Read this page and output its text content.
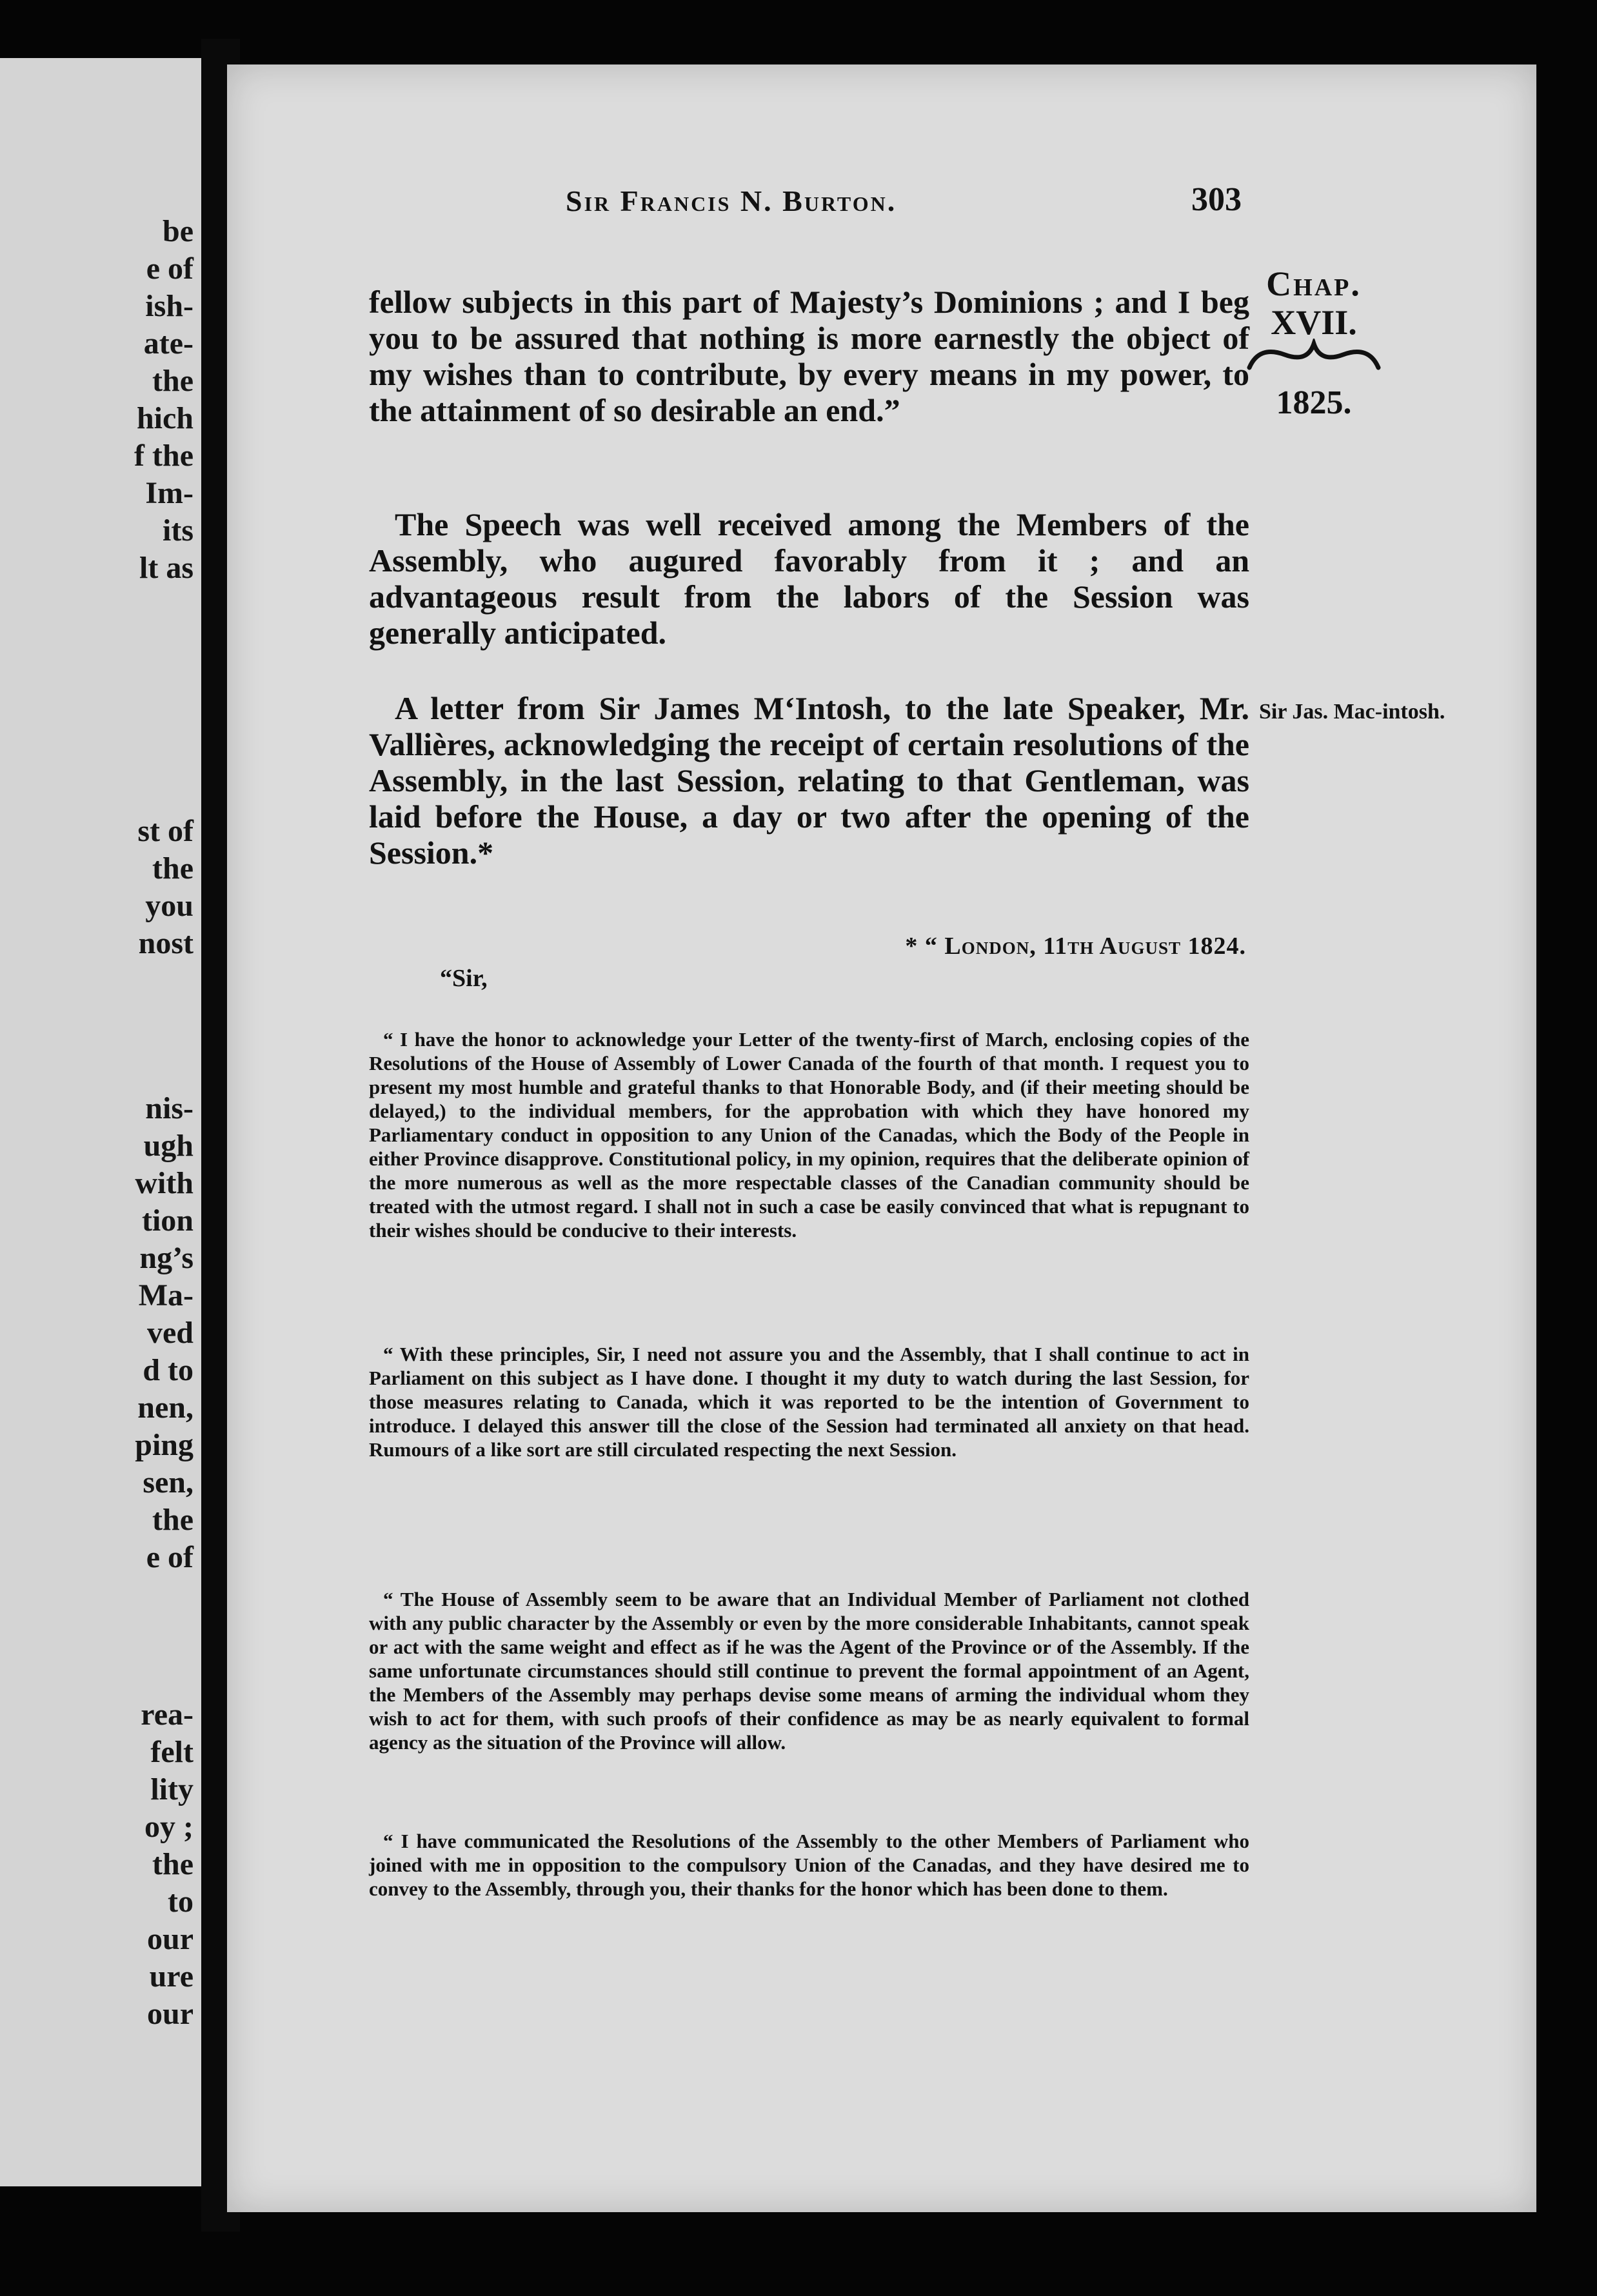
be
e of
ish-
ate-
the
hich
f the
Im-
its
lt as
st of
the
you
nost
nis-
ugh
with
tion
ng’s
Ma-
ved
d to
nen,
ping
sen,
the
e of
rea-
felt
lity
oy ;
the
to
our
ure
our
Sir Francis N. Burton.	303
Chap.
XVII.
1825.
Sir Jas. Mac-intosh.

fellow subjects in this part of Majesty’s Dominions ; and I beg you to be assured that nothing is more earnestly the object of my wishes than to contribute, by every means in my power, to the attainment of so desirable an end.”

The Speech was well received among the Members of the Assembly, who augured favorably from it ; and an advantageous result from the labors of the Session was generally anticipated.

A letter from Sir James M‘Intosh, to the late Speaker, Mr. Vallières, acknowledging the receipt of certain resolutions of the Assembly, in the last Session, relating to that Gentleman, was laid before the House, a day or two after the opening of the Session.*

* “ London, 11th August 1824.
“Sir,

“ I have the honor to acknowledge your Letter of the twenty-first of March, enclosing copies of the Resolutions of the House of Assembly of Lower Canada of the fourth of that month. I request you to present my most humble and grateful thanks to that Honorable Body, and (if their meeting should be delayed,) to the individual members, for the approbation with which they have honored my Parliamentary conduct in opposition to any Union of the Canadas, which the Body of the People in either Province disapprove. Constitutional policy, in my opinion, requires that the deliberate opinion of the more numerous as well as the more respectable classes of the Canadian community should be treated with the utmost regard. I shall not in such a case be easily convinced that what is repugnant to their wishes should be conducive to their interests.

“ With these principles, Sir, I need not assure you and the Assembly, that I shall continue to act in Parliament on this subject as I have done. I thought it my duty to watch during the last Session, for those measures relating to Canada, which it was reported to be the intention of Government to introduce. I delayed this answer till the close of the Session had terminated all anxiety on that head. Rumours of a like sort are still circulated respecting the next Session.

“ The House of Assembly seem to be aware that an Individual Member of Parliament not clothed with any public character by the Assembly or even by the more considerable Inhabitants, cannot speak or act with the same weight and effect as if he was the Agent of the Province or of the Assembly. If the same unfortunate circumstances should still continue to prevent the formal appointment of an Agent, the Members of the Assembly may perhaps devise some means of arming the individual whom they wish to act for them, with such proofs of their confidence as may be as nearly equivalent to formal agency as the situation of the Province will allow.

“ I have communicated the Resolutions of the Assembly to the other Members of Parliament who joined with me in opposition to the compulsory Union of the Canadas, and they have desired me to convey to the Assembly, through you, their thanks for the honor which has been done to them.
